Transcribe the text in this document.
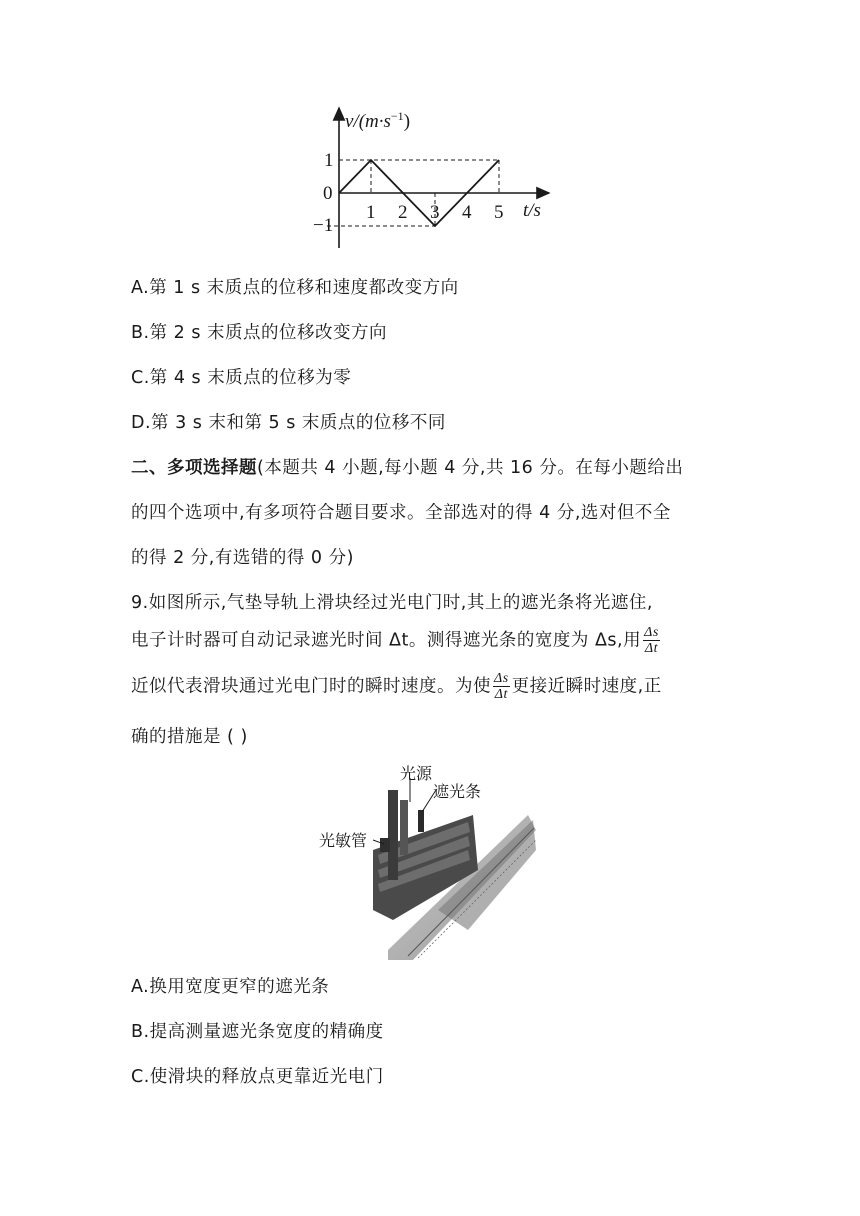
$v/(m\cdot s^{-1})$
t/s
0
1
−1
1 2 3 4 5
A.第 1 s 末质点的位移和速度都改变方向
B.第 2 s 末质点的位移改变方向
C.第 4 s 末质点的位移为零
D.第 3 s 末和第 5 s 末质点的位移不同
二、多项选择题(本题共 4 小题,每小题 4 分,共 16 分。在每小题给出
的四个选项中,有多项符合题目要求。全部选对的得 4 分,选对但不全
的得 2 分,有选错的得 0 分)
9.如图所示,气垫导轨上滑块经过光电门时,其上的遮光条将光遮住,
电子计时器可自动记录遮光时间 Δt。测得遮光条的宽度为 Δs,用 $\frac{\Delta s}{\Delta t}$
近似代表滑块通过光电门时的瞬时速度。为使 $\frac{\Delta s}{\Delta t}$ 更接近瞬时速度,正
确的措施是 ( )
光源
遮光条
光敏管
A.换用宽度更窄的遮光条
B.提高测量遮光条宽度的精确度
C.使滑块的释放点更靠近光电门
